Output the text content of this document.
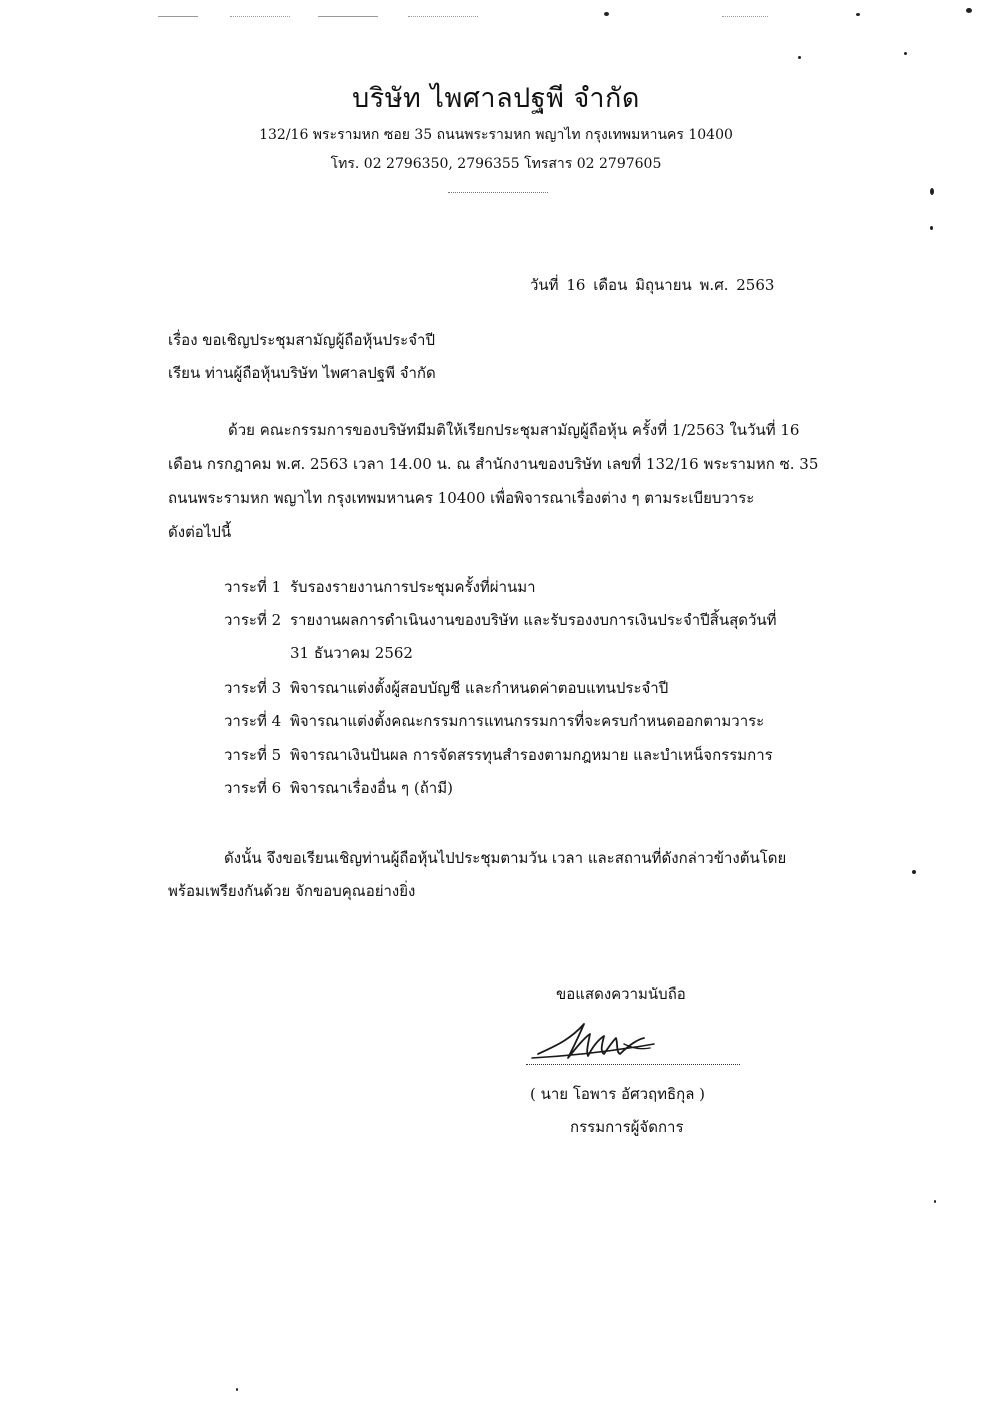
บริษัท ไพศาลปฐพี จำกัด
132/16 พระรามหก ซอย 35 ถนนพระรามหก พญาไท กรุงเทพมหานคร 10400
โทร. 02 2796350, 2796355 โทรสาร 02 2797605
วันที่ 16 เดือน มิถุนายน พ.ศ. 2563
เรื่อง ขอเชิญประชุมสามัญผู้ถือหุ้นประจำปี
เรียน ท่านผู้ถือหุ้นบริษัท ไพศาลปฐพี จำกัด
ด้วย คณะกรรมการของบริษัทมีมติให้เรียกประชุมสามัญผู้ถือหุ้น ครั้งที่ 1/2563 ในวันที่ 16
เดือน กรกฎาคม พ.ศ. 2563 เวลา 14.00 น. ณ สำนักงานของบริษัท เลขที่ 132/16 พระรามหก ซ. 35
ถนนพระรามหก พญาไท กรุงเทพมหานคร 10400 เพื่อพิจารณาเรื่องต่าง ๆ ตามระเบียบวาระ
ดังต่อไปนี้
วาระที่ 1 รับรองรายงานการประชุมครั้งที่ผ่านมา
วาระที่ 2 รายงานผลการดำเนินงานของบริษัท และรับรองงบการเงินประจำปีสิ้นสุดวันที่
31 ธันวาคม 2562
วาระที่ 3 พิจารณาแต่งตั้งผู้สอบบัญชี และกำหนดค่าตอบแทนประจำปี
วาระที่ 4 พิจารณาแต่งตั้งคณะกรรมการแทนกรรมการที่จะครบกำหนดออกตามวาระ
วาระที่ 5 พิจารณาเงินปันผล การจัดสรรทุนสำรองตามกฎหมาย และบำเหน็จกรรมการ
วาระที่ 6 พิจารณาเรื่องอื่น ๆ (ถ้ามี)
ดังนั้น จึงขอเรียนเชิญท่านผู้ถือหุ้นไปประชุมตามวัน เวลา และสถานที่ดังกล่าวข้างต้นโดย
พร้อมเพรียงกันด้วย จักขอบคุณอย่างยิ่ง
ขอแสดงความนับถือ
( นาย โอพาร อัศวฤทธิกุล )
กรรมการผู้จัดการ
